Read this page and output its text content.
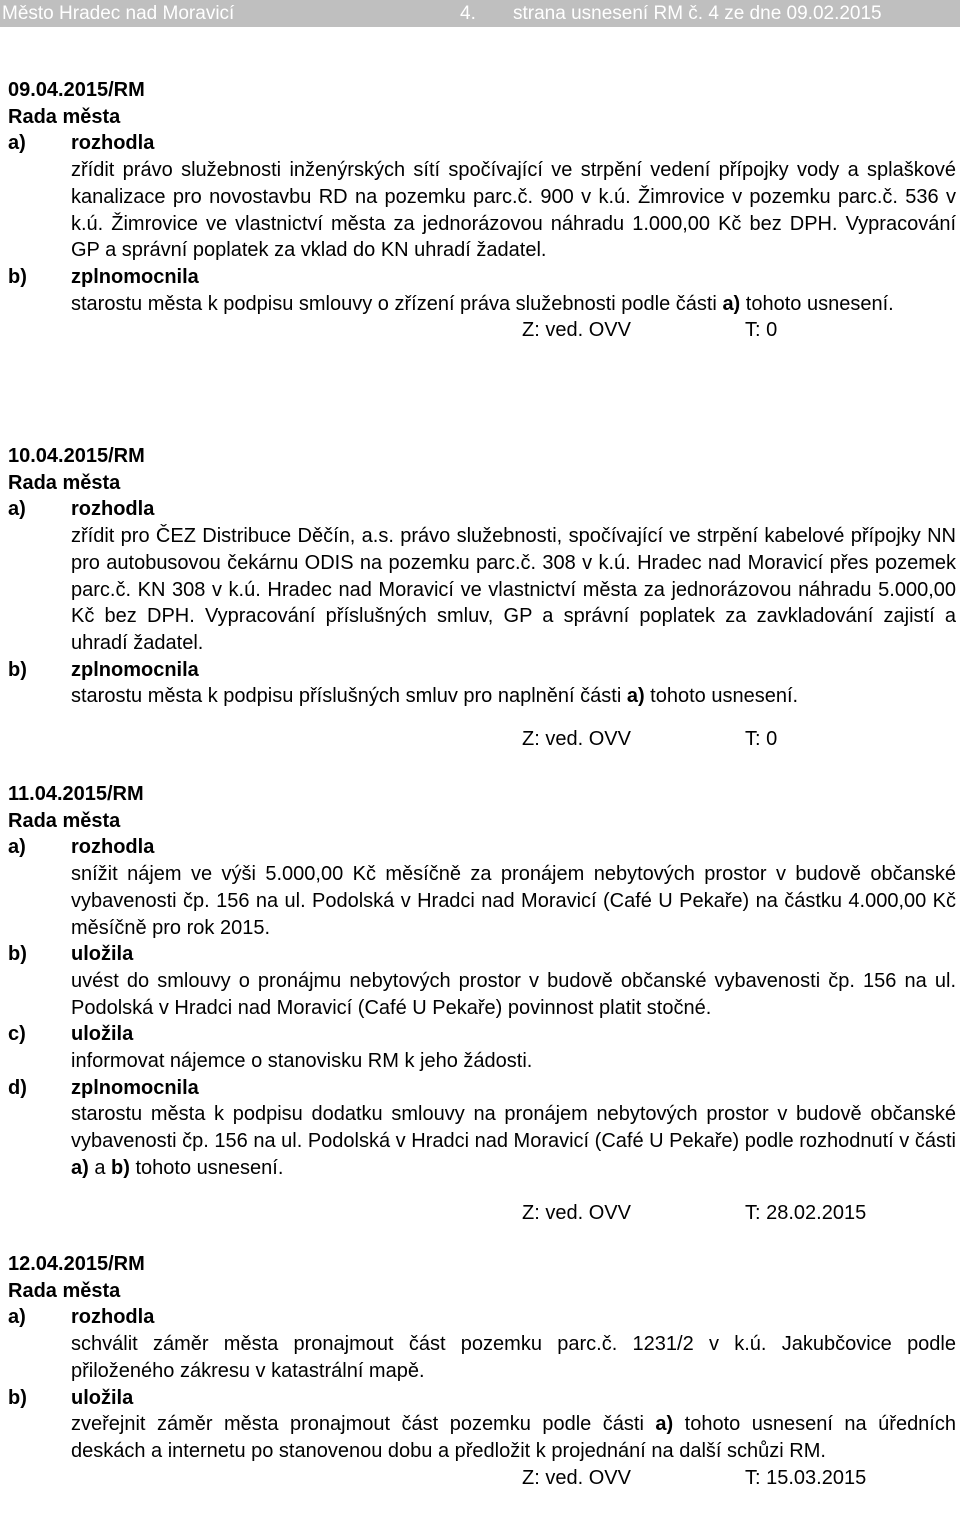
Město Hradec nad Moravicí

	4.

strana usnesení RM č. 4 ze dne 09.02.2015

09.04.2015/RM
Rada města
a) rozhodla
zřídit právo služebnosti inženýrských sítí spočívající ve strpění vedení přípojky vody a splaškové kanalizace pro novostavbu RD na pozemku parc.č. 900 v k.ú. Žimrovice v pozemku parc.č. 536 v k.ú. Žimrovice ve vlastnictví města za jednorázovou náhradu 1.000,00 Kč bez DPH. Vypracování GP a správní poplatek za vklad do KN uhradí žadatel.
b) zplnomocnila
starostu města k podpisu smlouvy o zřízení práva služebnosti podle části a) tohoto usnesení.
Z: ved. OVV	T: 0
10.04.2015/RM
Rada města
a) rozhodla
zřídit pro ČEZ Distribuce Děčín, a.s. právo služebnosti, spočívající ve strpění kabelové přípojky NN pro autobusovou čekárnu ODIS na pozemku parc.č. 308 v k.ú. Hradec nad Moravicí přes pozemek parc.č. KN 308 v k.ú. Hradec nad Moravicí ve vlastnictví města za jednorázovou náhradu 5.000,00 Kč bez DPH. Vypracování příslušných smluv, GP a správní poplatek za zavkladování zajistí a uhradí žadatel.
b) zplnomocnila
starostu města k podpisu příslušných smluv pro naplnění části a) tohoto usnesení.
Z: ved. OVV	T: 0
11.04.2015/RM
Rada města
a) rozhodla
snížit nájem ve výši 5.000,00 Kč měsíčně za pronájem nebytových prostor v budově občanské vybavenosti čp. 156 na ul. Podolská v Hradci nad Moravicí (Café U Pekaře) na částku 4.000,00 Kč měsíčně pro rok 2015.
b) uložila
uvést do smlouvy o pronájmu nebytových prostor v budově občanské vybavenosti čp. 156 na ul. Podolská v Hradci nad Moravicí (Café U Pekaře) povinnost platit stočné.
c) uložila
informovat nájemce o stanovisku RM k jeho žádosti.
d) zplnomocnila
starostu města k podpisu dodatku smlouvy na pronájem nebytových prostor v budově občanské vybavenosti čp. 156 na ul. Podolská v Hradci nad Moravicí (Café U Pekaře) podle rozhodnutí v části a) a b) tohoto usnesení.
Z: ved. OVV	T: 28.02.2015
12.04.2015/RM
Rada města
a) rozhodla
schválit záměr města pronajmout část pozemku parc.č. 1231/2 v k.ú. Jakubčovice podle přiloženého zákresu v katastrální mapě.
b) uložila
zveřejnit záměr města pronajmout část pozemku podle části a) tohoto usnesení na úředních deskách a internetu po stanovenou dobu a předložit k projednání na další schůzi RM.
Z: ved. OVV	T: 15.03.2015
